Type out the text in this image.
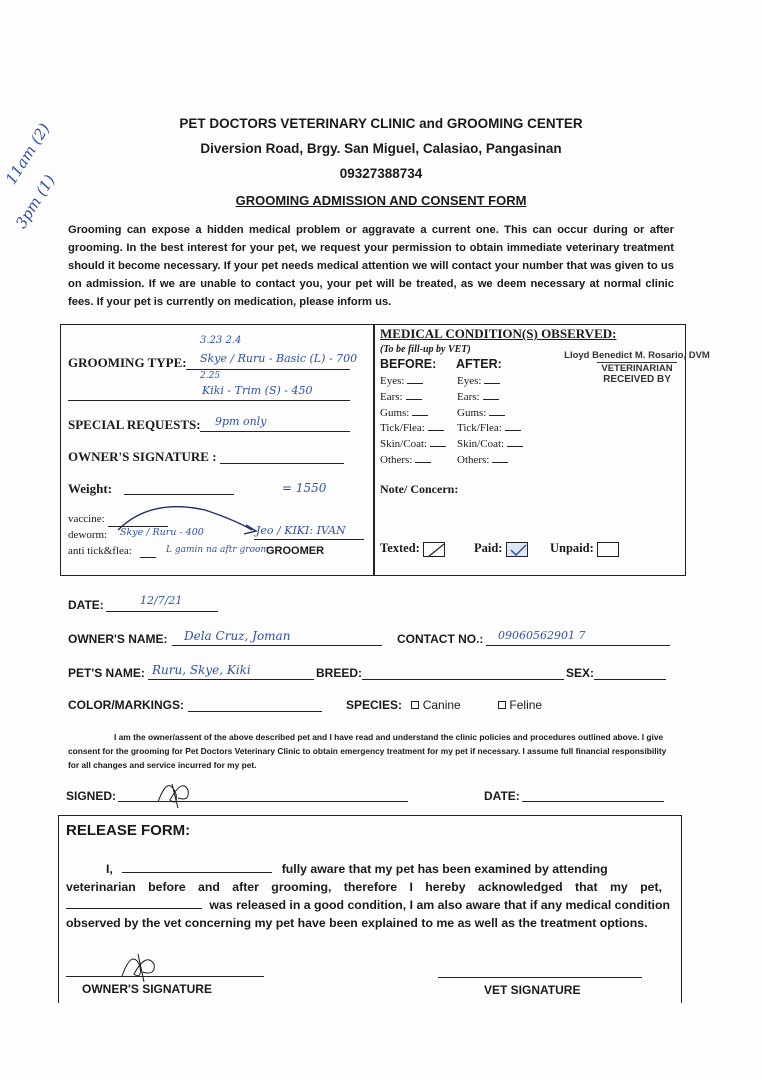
11am (2)
3pm (1)
PET DOCTORS VETERINARY CLINIC and GROOMING CENTER
Diversion Road, Brgy. San Miguel, Calasiao, Pangasinan
09327388734
GROOMING ADMISSION AND CONSENT FORM
Grooming can expose a hidden medical problem or aggravate a current one. This can occur during or after grooming. In the best interest for your pet, we request your permission to obtain immediate veterinary treatment should it become necessary. If your pet needs medical attention we will contact your number that was given to us on admission. If we are unable to contact you, your pet will be treated, as we deem necessary at normal clinic fees. If your pet is currently on medication, please inform us.
3.23 2.4
GROOMING TYPE: Skye / Ruru - Basic (L) - 700
2.25
Kiki - Trim (S) - 450
SPECIAL REQUESTS: 9pm only
OWNER'S SIGNATURE :
Weight:	= 1550
vaccine:
deworm: Skye / Ruru - 400
anti tick&flea:	L gamin na aftr groom
Jeo / KIKI: IVAN
GROOMER
MEDICAL CONDITION(S) OBSERVED:
(To be fill-up by VET)
BEFORE: AFTER:
Eyes:	Eyes:
Ears:	Ears:
Gums:	Gums:
Tick/Flea:	Tick/Flea:
Skin/Coat:	Skin/Coat:
Others:	Others:
Lloyd Benedict M. Rosario, DVM
VETERINARIAN
RECEIVED BY
Note/ Concern:
Texted:	Paid:	Unpaid:
DATE:	12/7/21
OWNER'S NAME: Dela Cruz, Joman	CONTACT NO.: 09060562901 7
PET'S NAME: Ruru, Skye, Kiki	BREED:	SEX:
COLOR/MARKINGS:	SPECIES: Canine	Feline
I am the owner/assent of the above described pet and I have read and understand the clinic policies and procedures outlined above. I give consent for the grooming for Pet Doctors Veterinary Clinic to obtain emergency treatment for my pet if necessary. I assume full financial responsibility for all changes and service incurred for my pet.
SIGNED:	DATE:
RELEASE FORM:
I,	fully aware that my pet has been examined by attending
veterinarian before and after grooming, therefore I hereby acknowledged that my pet,
was released in a good condition, I am also aware that if any medical condition
observed by the vet concerning my pet have been explained to me as well as the treatment options.
OWNER'S SIGNATURE	VET SIGNATURE
